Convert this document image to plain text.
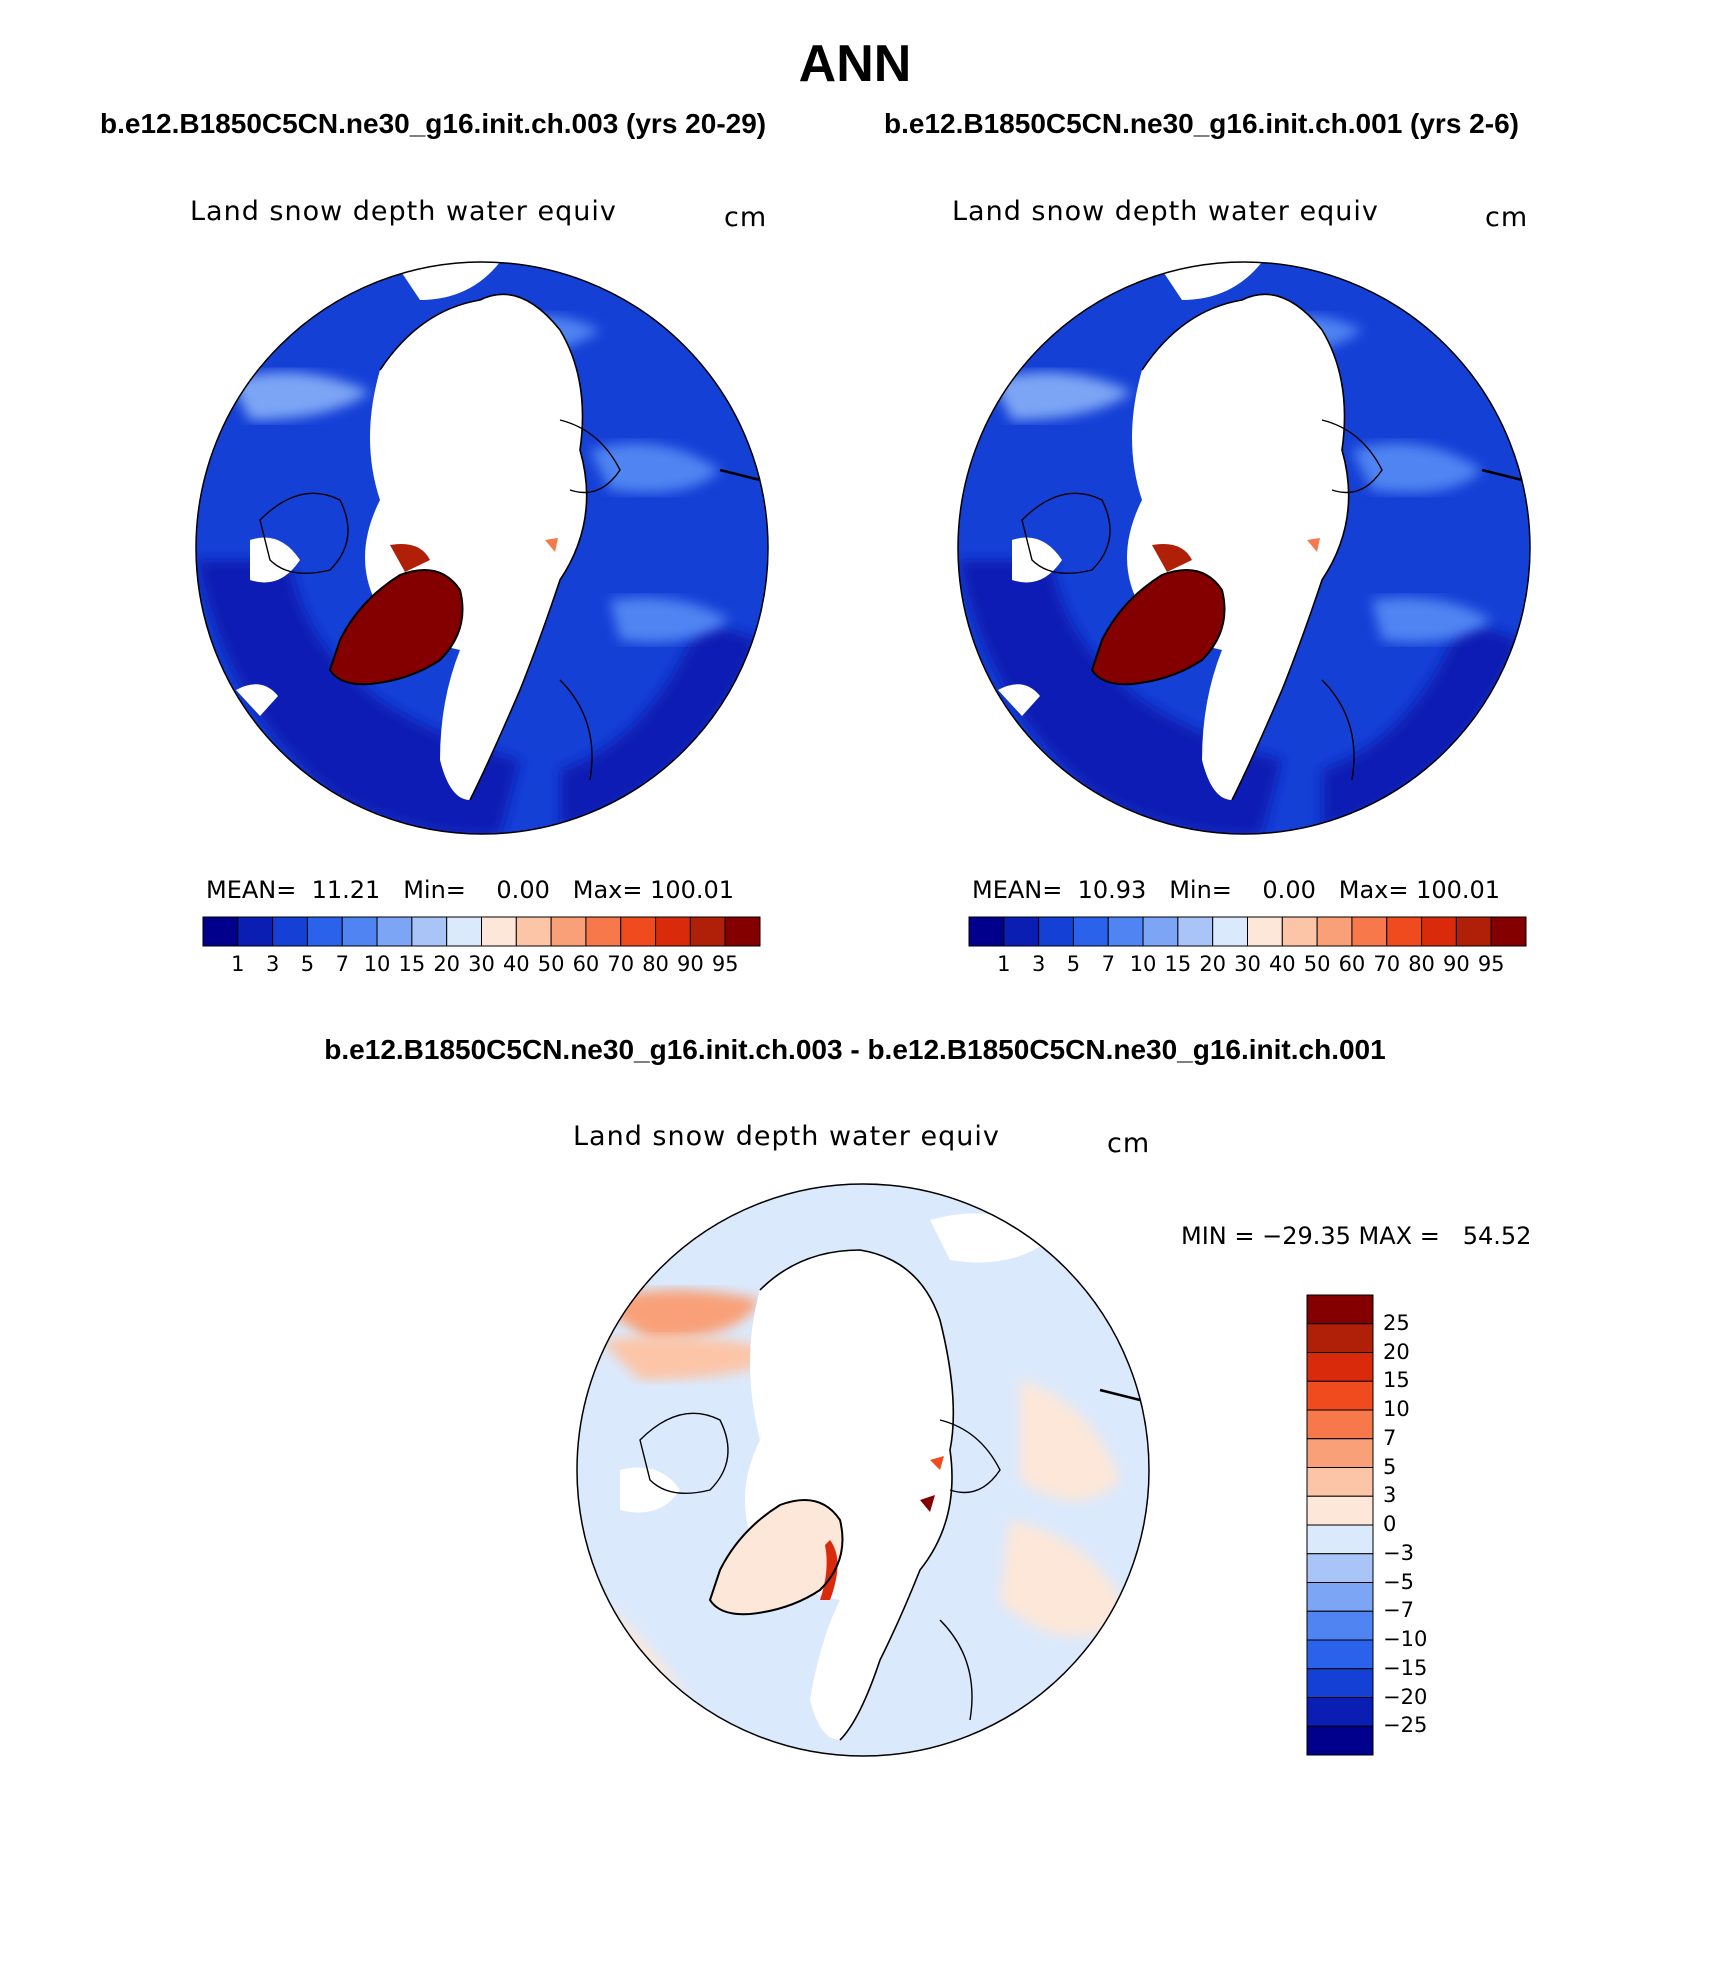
ANN
b.e12.B1850C5CN.ne30_g16.init.ch.003 (yrs 20-29)	b.e12.B1850C5CN.ne30_g16.init.ch.001 (yrs 2-6)
Land snow depth water equiv	cm	Land snow depth water equiv	cm
MEAN=  11.21   Min=    0.00   Max= 100.01
1	3	5	7 10 15 20 30 40 50 60 70 80 90 95
MEAN=  10.93   Min=    0.00   Max= 100.01
1	3	5	7 10 15 20 30 40 50 60 70 80 90 95
b.e12.B1850C5CN.ne30_g16.init.ch.003 - b.e12.B1850C5CN.ne30_g16.init.ch.001
Land snow depth water equiv	cm
MIN = −29.35 MAX =   54.52
25
20
15
10
7
5
3
0
−3
−5
−7
−10
−15
−20
−25
